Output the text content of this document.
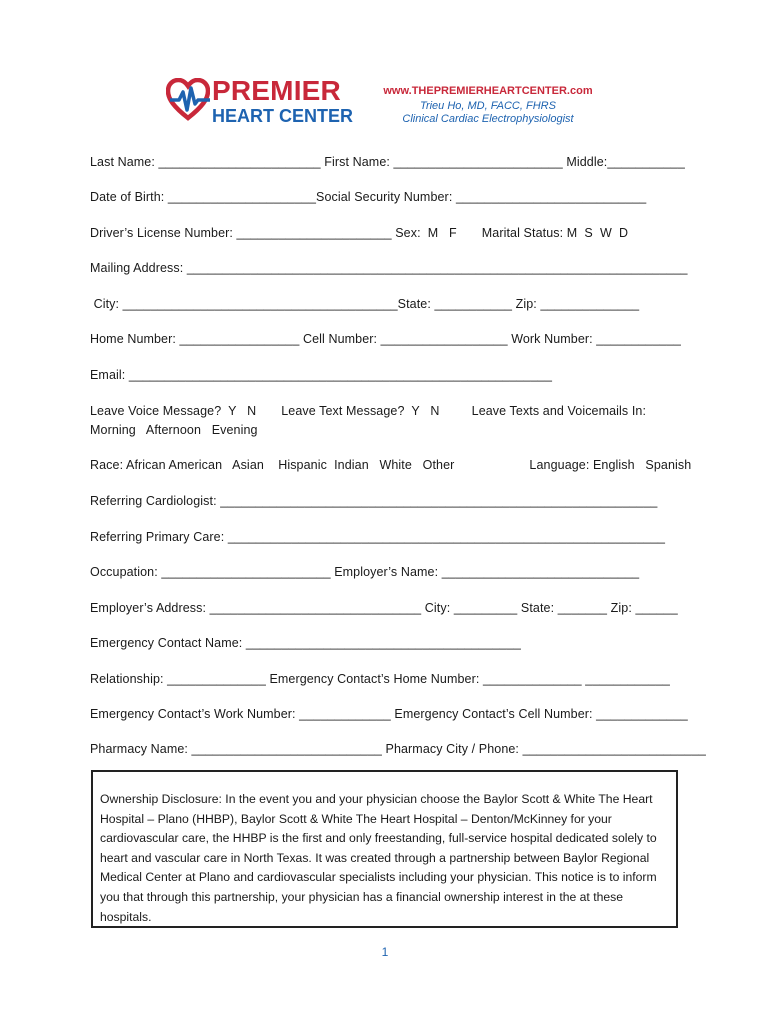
PREMIER
HEART CENTER
www.THEPREMIERHEARTCENTER.com
Trieu Ho, MD, FACC, FHRS
Clinical Cardiac Electrophysiologist
Last Name: _______________________ First Name: ________________________ Middle:___________
Date of Birth: _____________________Social Security Number: ___________________________
Driver’s License Number: ______________________ Sex:  M   F       Marital Status: M  S  W  D
Mailing Address: _______________________________________________________________________
City: _______________________________________State: ___________ Zip: ______________
Home Number: _________________ Cell Number: __________________ Work Number: ____________
Email: ____________________________________________________________
Leave Voice Message?  Y   N       Leave Text Message?  Y   N         Leave Texts and Voicemails In:
Morning   Afternoon   Evening
Race: African American   Asian    Hispanic  Indian   White   Other                     Language: English   Spanish
Referring Cardiologist: ______________________________________________________________
Referring Primary Care: ______________________________________________________________
Occupation: ________________________ Employer’s Name: ____________________________
Employer’s Address: ______________________________ City: _________ State: _______ Zip: ______
Emergency Contact Name: _______________________________________
Relationship: ______________ Emergency Contact’s Home Number: ______________ ____________
Emergency Contact’s Work Number: _____________ Emergency Contact’s Cell Number: _____________
Pharmacy Name: ___________________________ Pharmacy City / Phone: __________________________
Ownership Disclosure: In the event you and your physician choose the Baylor Scott & White The Heart Hospital – Plano (HHBP), Baylor Scott & White The Heart Hospital – Denton/McKinney for your cardiovascular care, the HHBP is the first and only freestanding, full-service hospital dedicated solely to heart and vascular care in North Texas. It was created through a partnership between Baylor Regional Medical Center at Plano and cardiovascular specialists including your physician. This notice is to inform you that through this partnership, your physician has a financial ownership interest in the at these hospitals.
1
